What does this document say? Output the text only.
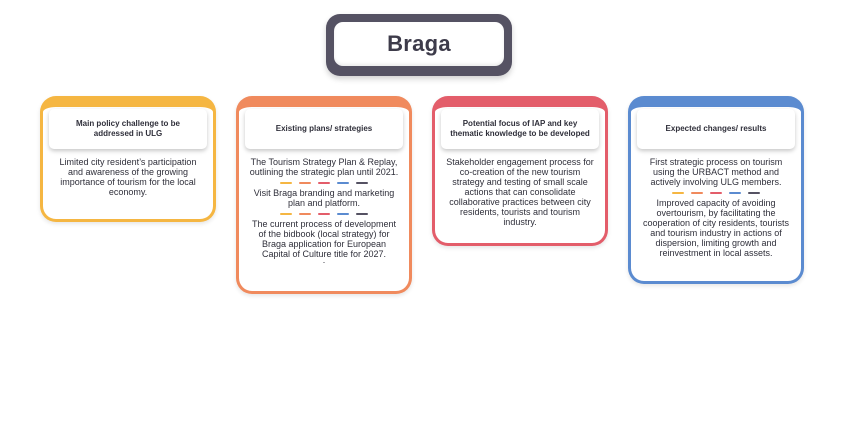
Braga
Main policy challenge to be addressed in ULG

Limited city resident’s participation and awareness of the growing importance of tourism for the local economy.

Existing plans/ strategies

The Tourism Strategy Plan & Replay, outlining the strategic plan until 2021.

Visit Braga branding and marketing plan and platform.

The current process of development of the bidbook (local strategy) for Braga application for European Capital of Culture title for 2027.

·
Potential focus of IAP and key thematic knowledge to be developed

Stakeholder engagement process for co-creation of the new tourism strategy and testing of small scale actions that can consolidate collaborative practices between city residents, tourists and tourism industry.

Expected changes/ results

First strategic process on tourism using the URBACT method and actively involving ULG members.

Improved capacity of avoiding overtourism, by facilitating the cooperation of city residents, tourists and tourism industry in actions of dispersion, limiting growth and reinvestment in local assets.
